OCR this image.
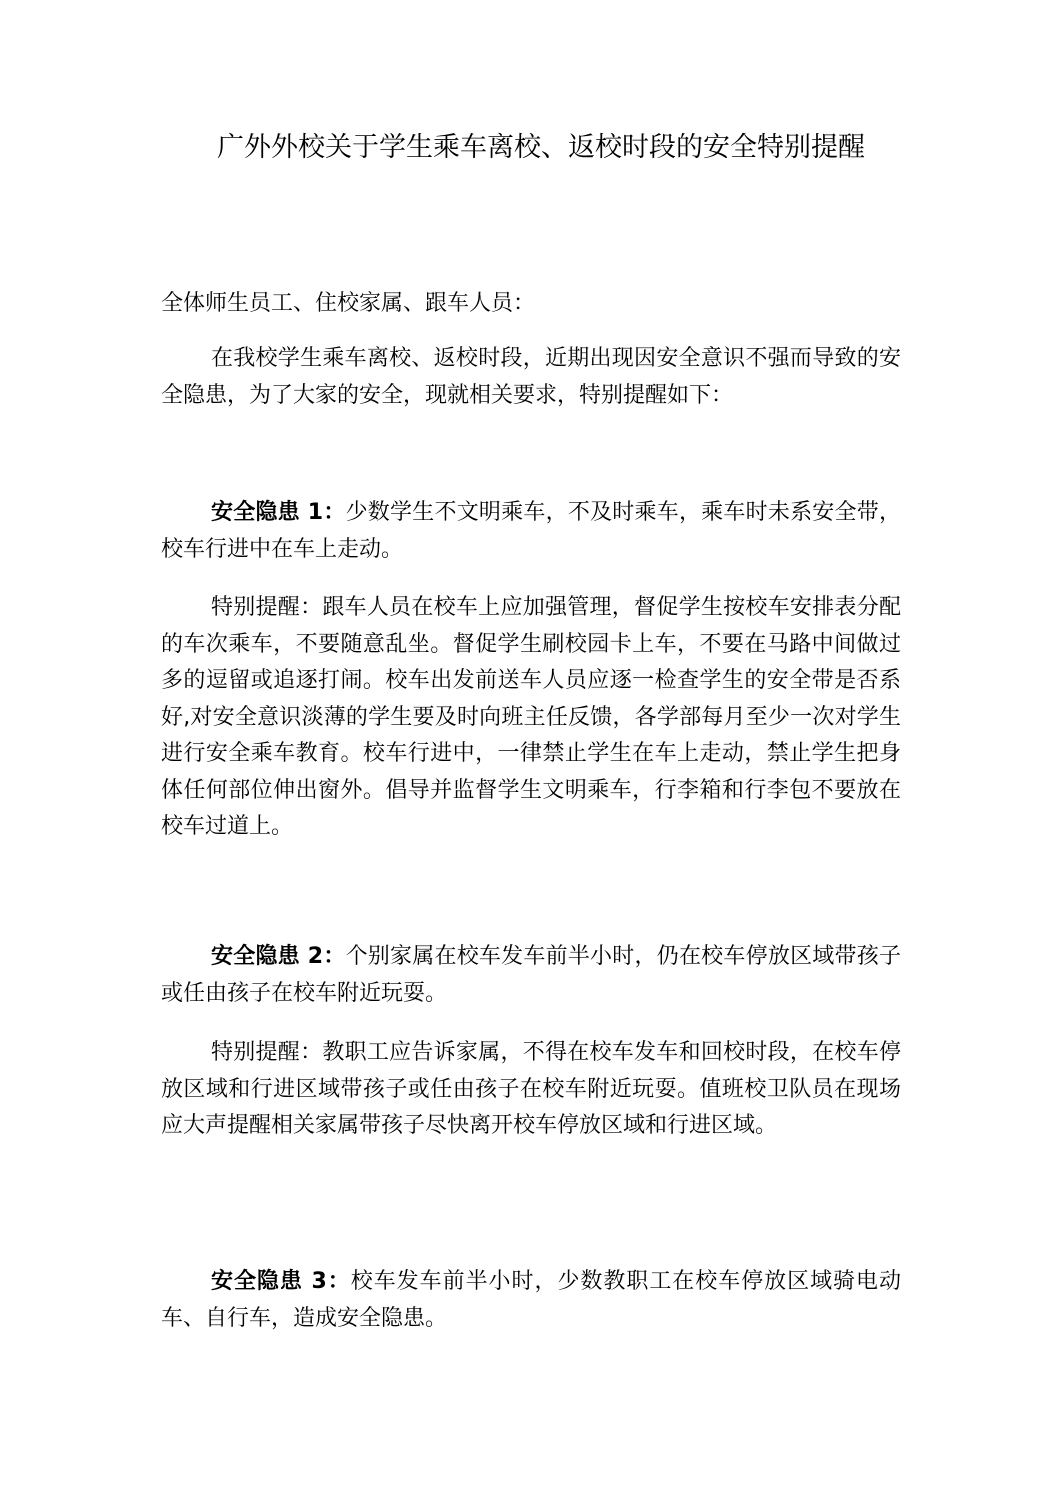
广外外校关于学生乘车离校、返校时段的安全特别提醒

全体师生员工、住校家属、跟车人员：

在我校学生乘车离校、返校时段，近期出现因安全意识不强而导致的安全隐患，为了大家的安全，现就相关要求，特别提醒如下：

安全隐患 1：少数学生不文明乘车，不及时乘车，乘车时未系安全带，校车行进中在车上走动。

特别提醒：跟车人员在校车上应加强管理，督促学生按校车安排表分配的车次乘车，不要随意乱坐。督促学生刷校园卡上车，不要在马路中间做过多的逗留或追逐打闹。校车出发前送车人员应逐一检查学生的安全带是否系好,对安全意识淡薄的学生要及时向班主任反馈，各学部每月至少一次对学生进行安全乘车教育。校车行进中，一律禁止学生在车上走动，禁止学生把身体任何部位伸出窗外。倡导并监督学生文明乘车，行李箱和行李包不要放在校车过道上。

安全隐患 2：个别家属在校车发车前半小时，仍在校车停放区域带孩子或任由孩子在校车附近玩耍。

特别提醒：教职工应告诉家属，不得在校车发车和回校时段，在校车停放区域和行进区域带孩子或任由孩子在校车附近玩耍。值班校卫队员在现场应大声提醒相关家属带孩子尽快离开校车停放区域和行进区域。

安全隐患 3：校车发车前半小时，少数教职工在校车停放区域骑电动车、自行车，造成安全隐患。
